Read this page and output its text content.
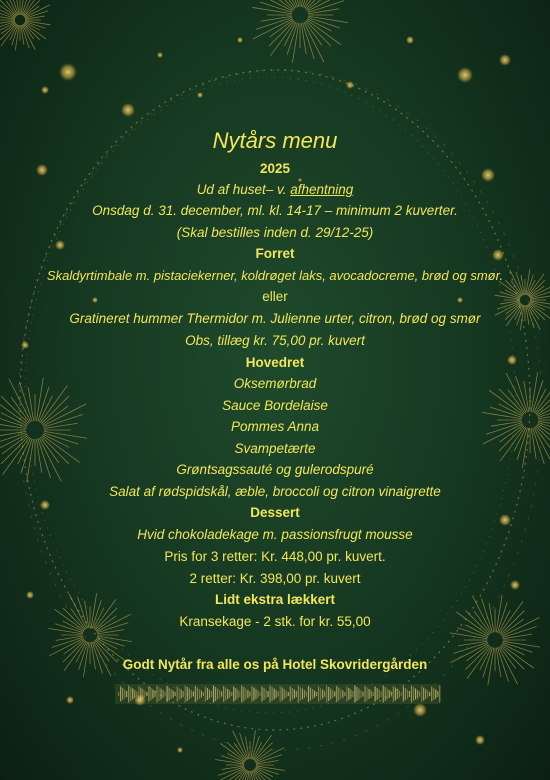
Nytårs menu
2025
Ud af huset– v. afhentning
Onsdag d. 31. december, ml. kl. 14-17 – minimum 2 kuverter.
(Skal bestilles inden d. 29/12-25)
Forret
Skaldyrtimbale m. pistaciekerner, koldrøget laks, avocadocreme, brød og smør.
eller
Gratineret hummer Thermidor m. Julienne urter, citron, brød og smør
Obs, tillæg kr. 75,00 pr. kuvert
Hovedret
Oksemørbrad
Sauce Bordelaise
Pommes Anna
Svampetærte
Grøntsagssauté og gulerodspuré
Salat af rødspidskål, æble, broccoli og citron vinaigrette
Dessert
Hvid chokoladekage m. passionsfrugt mousse
Pris for 3 retter: Kr. 448,00 pr. kuvert.
2 retter: Kr. 398,00 pr. kuvert
Lidt ekstra lækkert
Kransekage - 2 stk. for kr. 55,00
Godt Nytår fra alle os på Hotel Skovridergården
